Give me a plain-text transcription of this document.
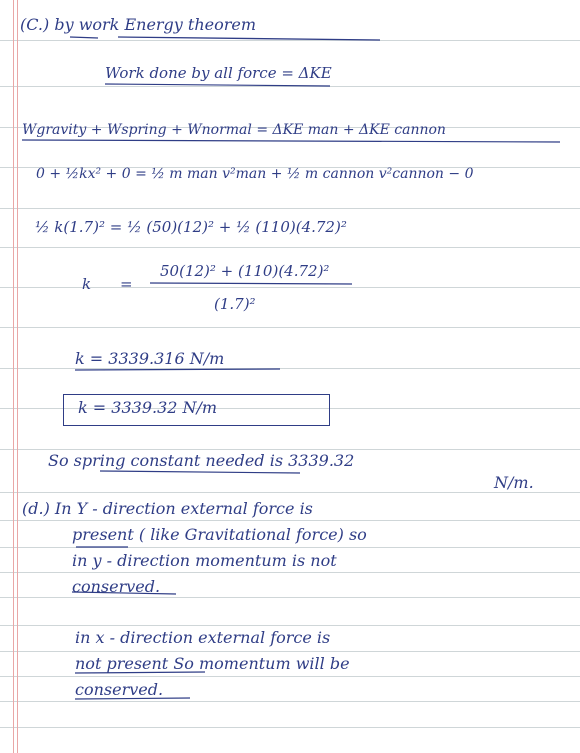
(C.) by work Energy theorem
Work done by all force = ΔKE
Wgravity + Wspring + Wnormal = ΔKE man + ΔKE cannon
0 + ½kx² + 0 = ½ m man v²man + ½ m cannon v²cannon − 0
½ k(1.7)² = ½ (50)(12)² + ½ (110)(4.72)²
k =
50(12)² + (110)(4.72)²
(1.7)²
k = 3339.316 N/m
k = 3339.32 N/m
So spring constant needed is 3339.32
N/m.
(d.) In Y - direction external force is
present ( like Gravitational force) so
in y - direction momentum is not
conserved.
in x - direction external force is
not present So momentum will be
conserved.
